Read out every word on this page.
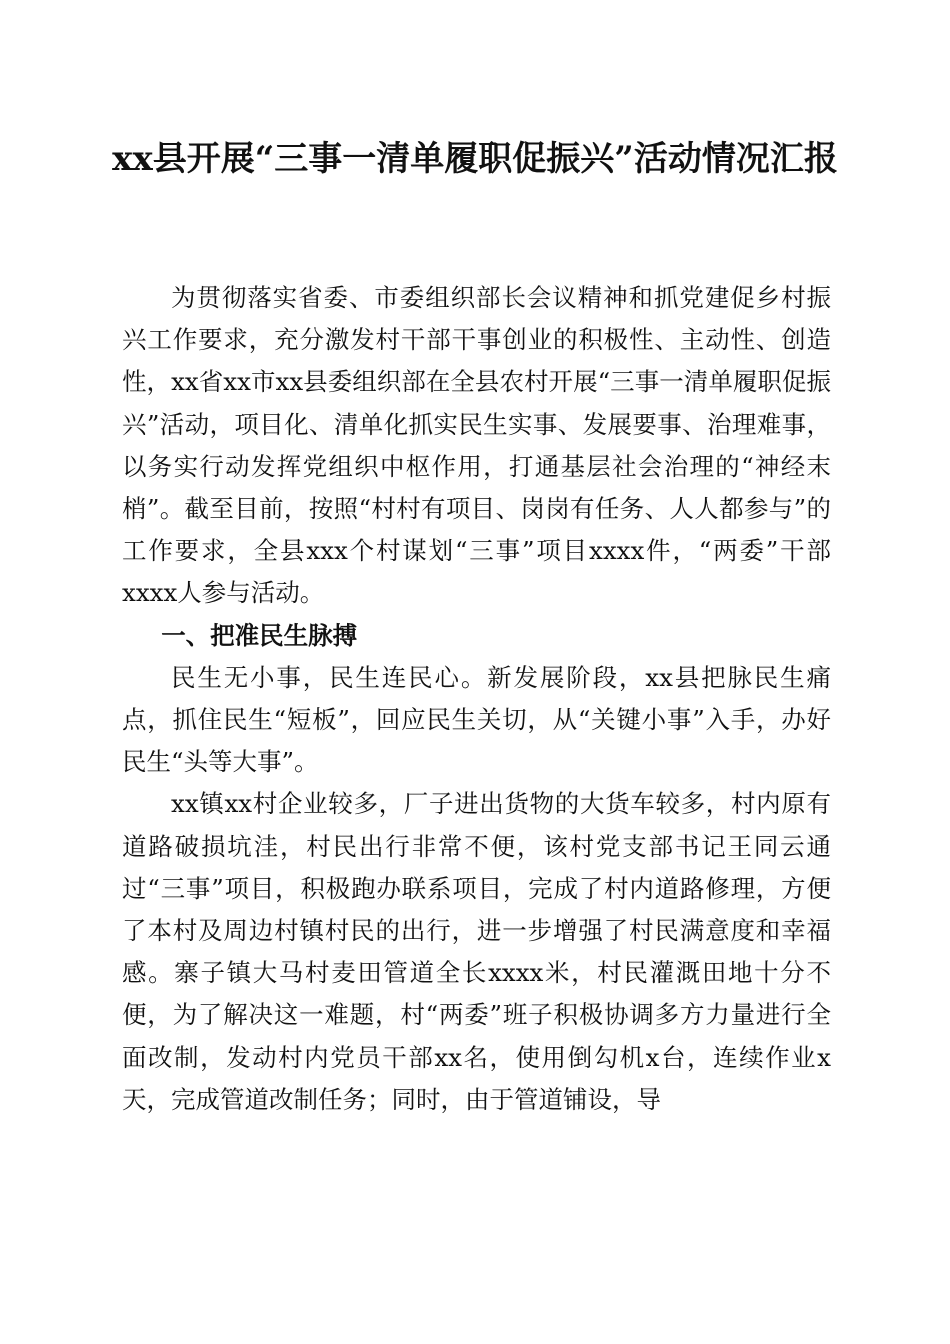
xx县开展“三事一清单履职促振兴”活动情况汇报

为贯彻落实省委、市委组织部长会议精神和抓党建促乡村振兴工作要求，充分激发村干部干事创业的积极性、主动性、创造性，xx省xx市xx县委组织部在全县农村开展“三事一清单履职促振兴”活动，项目化、清单化抓实民生实事、发展要事、治理难事，以务实行动发挥党组织中枢作用，打通基层社会治理的“神经末梢”。截至目前，按照“村村有项目、岗岗有任务、人人都参与”的工作要求，全县xxx个村谋划“三事”项目xxxx件，“两委”干部xxxx人参与活动。

一、把准民生脉搏

民生无小事，民生连民心。新发展阶段，xx县把脉民生痛点，抓住民生“短板”，回应民生关切，从“关键小事”入手，办好民生“头等大事”。

xx镇xx村企业较多，厂子进出货物的大货车较多，村内原有道路破损坑洼，村民出行非常不便，该村党支部书记王同云通过“三事”项目，积极跑办联系项目，完成了村内道路修理，方便了本村及周边村镇村民的出行，进一步增强了村民满意度和幸福感。寨子镇大马村麦田管道全长xxxx米，村民灌溉田地十分不便，为了解决这一难题，村“两委”班子积极协调多方力量进行全面改制，发动村内党员干部xx名，使用倒勾机x台，连续作业x天，完成管道改制任务；同时，由于管道铺设，导
